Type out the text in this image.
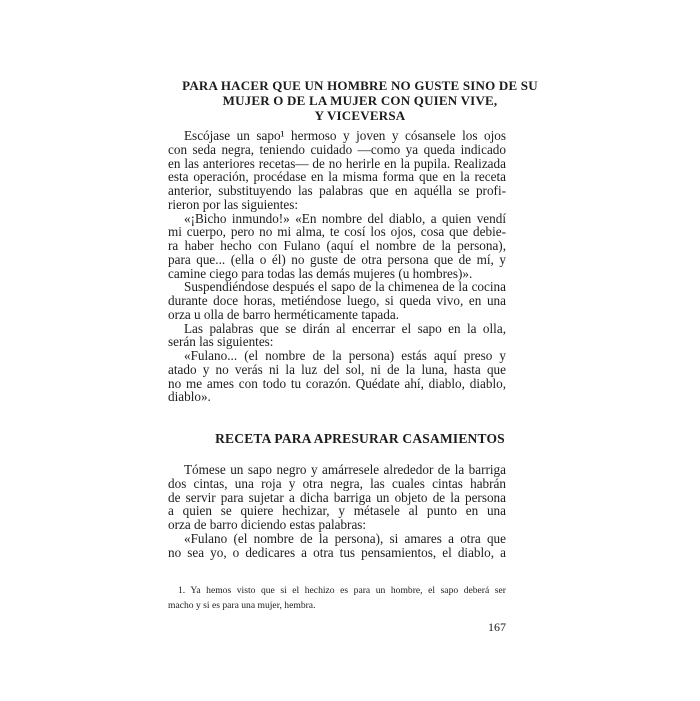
PARA HACER QUE UN HOMBRE NO GUSTE SINO DE SU
MUJER O DE LA MUJER CON QUIEN VIVE,
Y VICEVERSA
Escójase un sapo¹ hermoso y joven y cósansele los ojos
con seda negra, teniendo cuidado —como ya queda indicado
en las anteriores recetas— de no herirle en la pupila. Realizada
esta operación, procédase en la misma forma que en la receta
anterior, substituyendo las palabras que en aquélla se profi-
rieron por las siguientes:
«¡Bicho inmundo!» «En nombre del diablo, a quien vendí
mi cuerpo, pero no mi alma, te cosí los ojos, cosa que debie-
ra haber hecho con Fulano (aquí el nombre de la persona),
para que... (ella o él) no guste de otra persona que de mí, y
camine ciego para todas las demás mujeres (u hombres)».
Suspendiéndose después el sapo de la chimenea de la cocina
durante doce horas, metiéndose luego, si queda vivo, en una
orza u olla de barro herméticamente tapada.
Las palabras que se dirán al encerrar el sapo en la olla,
serán las siguientes:
«Fulano... (el nombre de la persona) estás aquí preso y
atado y no verás ni la luz del sol, ni de la luna, hasta que
no me ames con todo tu corazón. Quédate ahí, diablo, diablo,
diablo».
RECETA PARA APRESURAR CASAMIENTOS
Tómese un sapo negro y amárresele alrededor de la barriga
dos cintas, una roja y otra negra, las cuales cintas habrán
de servir para sujetar a dicha barriga un objeto de la persona
a quien se quiere hechizar, y métasele al punto en una
orza de barro diciendo estas palabras:
«Fulano (el nombre de la persona), si amares a otra que
no sea yo, o dedicares a otra tus pensamientos, el diablo, a
1. Ya hemos visto que si el hechizo es para un hombre, el sapo deberá ser
macho y si es para una mujer, hembra.
167
